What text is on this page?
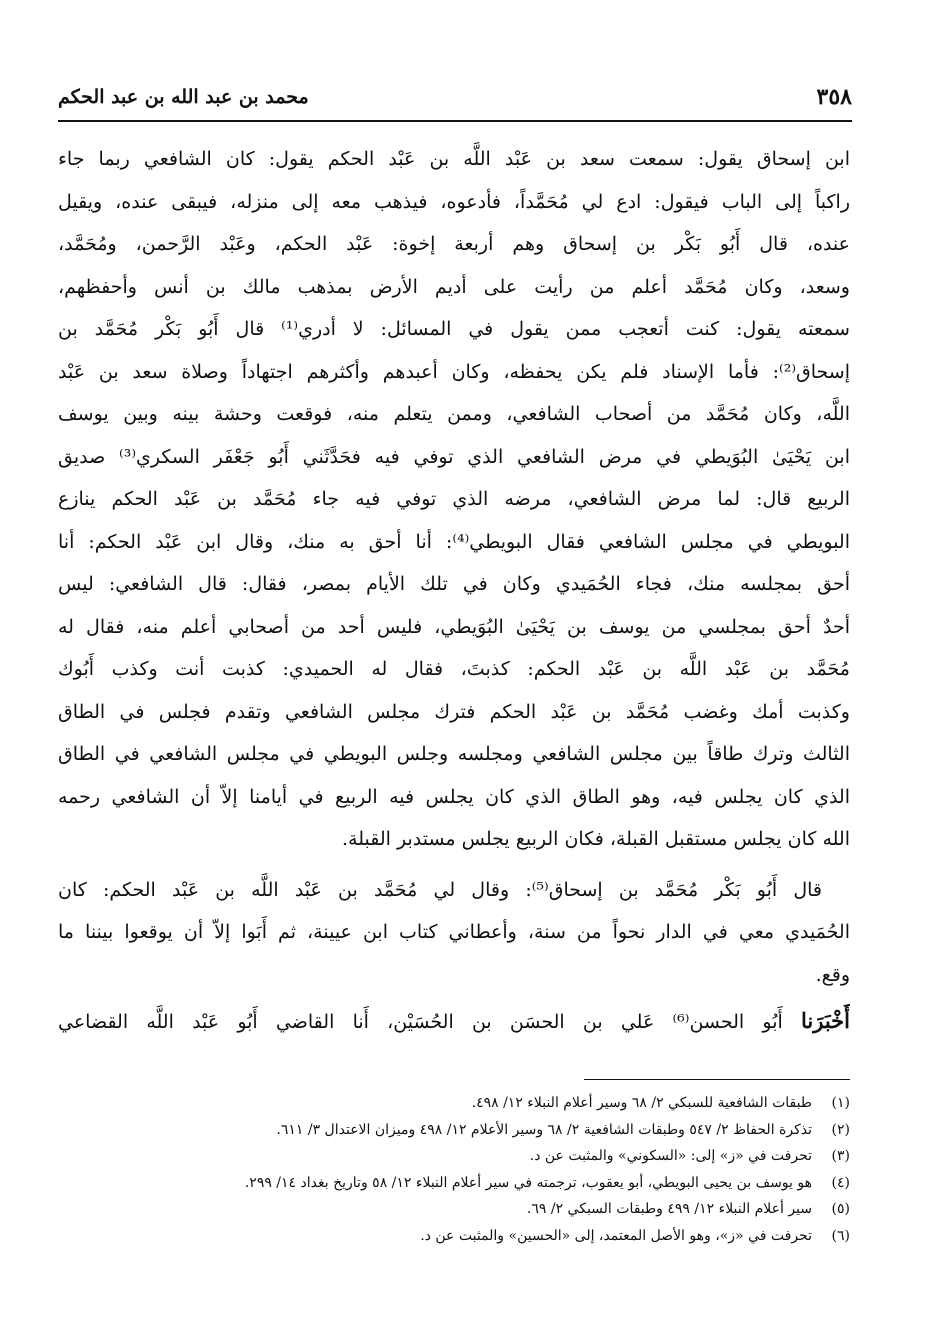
٣٥٨
محمد بن عبد الله بن عبد الحكم
ابن إسحاق يقول: سمعت سعد بن عَبْد اللَّه بن عَبْد الحكم يقول: كان الشافعي ربما جاء
راكباً إلى الباب فيقول: ادع لي مُحَمَّداً، فأدعوه، فيذهب معه إلى منزله، فيبقى عنده، ويقيل
عنده، قال أَبُو بَكْر بن إسحاق وهم أربعة إخوة: عَبْد الحكم، وعَبْد الرَّحمن، ومُحَمَّد،
وسعد، وكان مُحَمَّد أعلم من رأيت على أديم الأرض بمذهب مالك بن أنس وأحفظهم،
سمعته يقول: كنت أتعجب ممن يقول في المسائل: لا أدري⁽¹⁾ قال أَبُو بَكْر مُحَمَّد بن
إسحاق⁽²⁾: فأما الإسناد فلم يكن يحفظه، وكان أعبدهم وأكثرهم اجتهاداً وصلاة سعد بن عَبْد
اللَّه، وكان مُحَمَّد من أصحاب الشافعي، وممن يتعلم منه، فوقعت وحشة بينه وبين يوسف
ابن يَحْيَىٰ البُوَيطي في مرض الشافعي الذي توفي فيه فحَدَّثَني أَبُو جَعْفَر السكري⁽³⁾ صديق
الربيع قال: لما مرض الشافعي، مرضه الذي توفي فيه جاء مُحَمَّد بن عَبْد الحكم ينازع
البويطي في مجلس الشافعي فقال البويطي⁽⁴⁾: أنا أحق به منك، وقال ابن عَبْد الحكم: أنا
أحق بمجلسه منك، فجاء الحُمَيدي وكان في تلك الأيام بمصر، فقال: قال الشافعي: ليس
أحدٌ أحق بمجلسي من يوسف بن يَحْيَىٰ البُوَيطي، فليس أحد من أصحابي أعلم منه، فقال له
مُحَمَّد بن عَبْد اللَّه بن عَبْد الحكم: كذبتَ، فقال له الحميدي: كذبت أنت وكذب أَبُوك
وكذبت أمك وغضب مُحَمَّد بن عَبْد الحكم فترك مجلس الشافعي وتقدم فجلس في الطاق
الثالث وترك طاقاً بين مجلس الشافعي ومجلسه وجلس البويطي في مجلس الشافعي في الطاق
الذي كان يجلس فيه، وهو الطاق الذي كان يجلس فيه الربيع في أيامنا إلاّ أن الشافعي رحمه
الله كان يجلس مستقبل القبلة، فكان الربيع يجلس مستدبر القبلة.
قال أَبُو بَكْر مُحَمَّد بن إسحاق⁽⁵⁾: وقال لي مُحَمَّد بن عَبْد اللَّه بن عَبْد الحكم: كان
الحُمَيدي معي في الدار نحواً من سنة، وأعطاني كتاب ابن عيينة، ثم أَبَوا إلاّ أن يوقعوا بيننا ما
وقع.
أَخْبَرَنا أَبُو الحسن⁽⁶⁾ عَلي بن الحسَن بن الحُسَيْن، أَنا القاضي أَبُو عَبْد اللَّه القضاعي
(١)
طبقات الشافعية للسبكي ٢/ ٦٨ وسير أعلام النبلاء ١٢/ ٤٩٨.
(٢)
تذكرة الحفاظ ٢/ ٥٤٧ وطبقات الشافعية ٢/ ٦٨ وسير الأعلام ١٢/ ٤٩٨ وميزان الاعتدال ٣/ ٦١١.
(٣)
تحرفت في «ز» إلى: «السكوني» والمثبت عن د.
(٤)
هو يوسف بن يحيى البويطي، أبو يعقوب، ترجمته في سير أعلام النبلاء ١٢/ ٥٨ وتاريخ بغداد ١٤/ ٢٩٩.
(٥)
سير أعلام النبلاء ١٢/ ٤٩٩ وطبقات السبكي ٢/ ٦٩.
(٦)
تحرفت في «ز»، وهو الأصل المعتمد، إلى «الحسين» والمثبت عن د.
